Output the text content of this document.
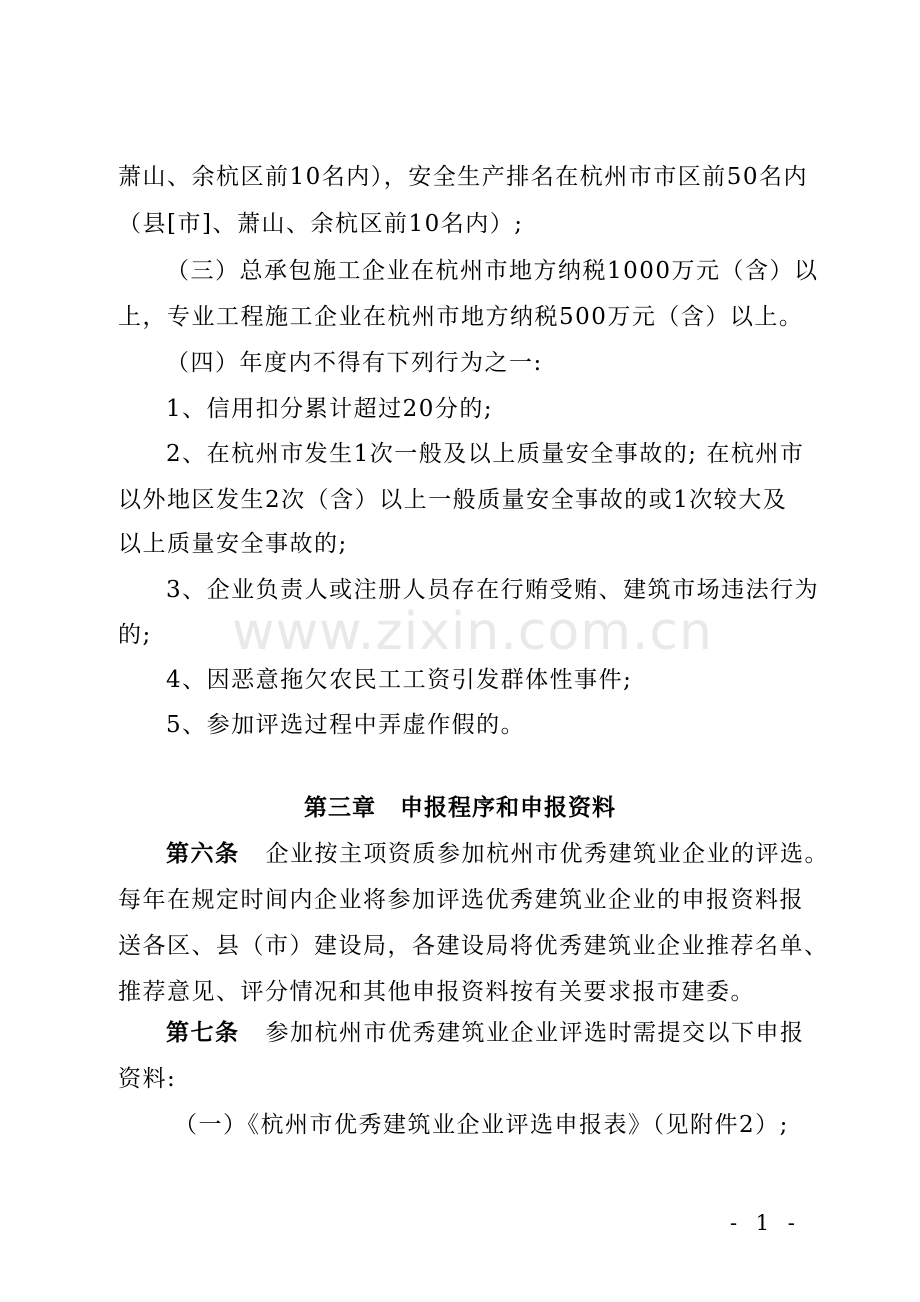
www.zixin.com.cn
萧山、余杭区前10名内），安全生产排名在杭州市市区前50名内
（县[市]、萧山、余杭区前10名内）;
（三）总承包施工企业在杭州市地方纳税1000万元（含）以
上，专业工程施工企业在杭州市地方纳税500万元（含）以上。
（四）年度内不得有下列行为之一:
1、信用扣分累计超过20分的;
2、在杭州市发生1次一般及以上质量安全事故的; 在杭州市
以外地区发生2次（含）以上一般质量安全事故的或1次较大及
以上质量安全事故的;
3、企业负责人或注册人员存在行贿受贿、建筑市场违法行为
的;
4、因恶意拖欠农民工工资引发群体性事件;
5、参加评选过程中弄虚作假的。
第三章　申报程序和申报资料
第六条 企业按主项资质参加杭州市优秀建筑业企业的评选。
每年在规定时间内企业将参加评选优秀建筑业企业的申报资料报
送各区、县（市）建设局，各建设局将优秀建筑业企业推荐名单、
推荐意见、评分情况和其他申报资料按有关要求报市建委。
第七条 参加杭州市优秀建筑业企业评选时需提交以下申报
资料:
（一）《杭州市优秀建筑业企业评选申报表》（见附件2）;
- 1 -
